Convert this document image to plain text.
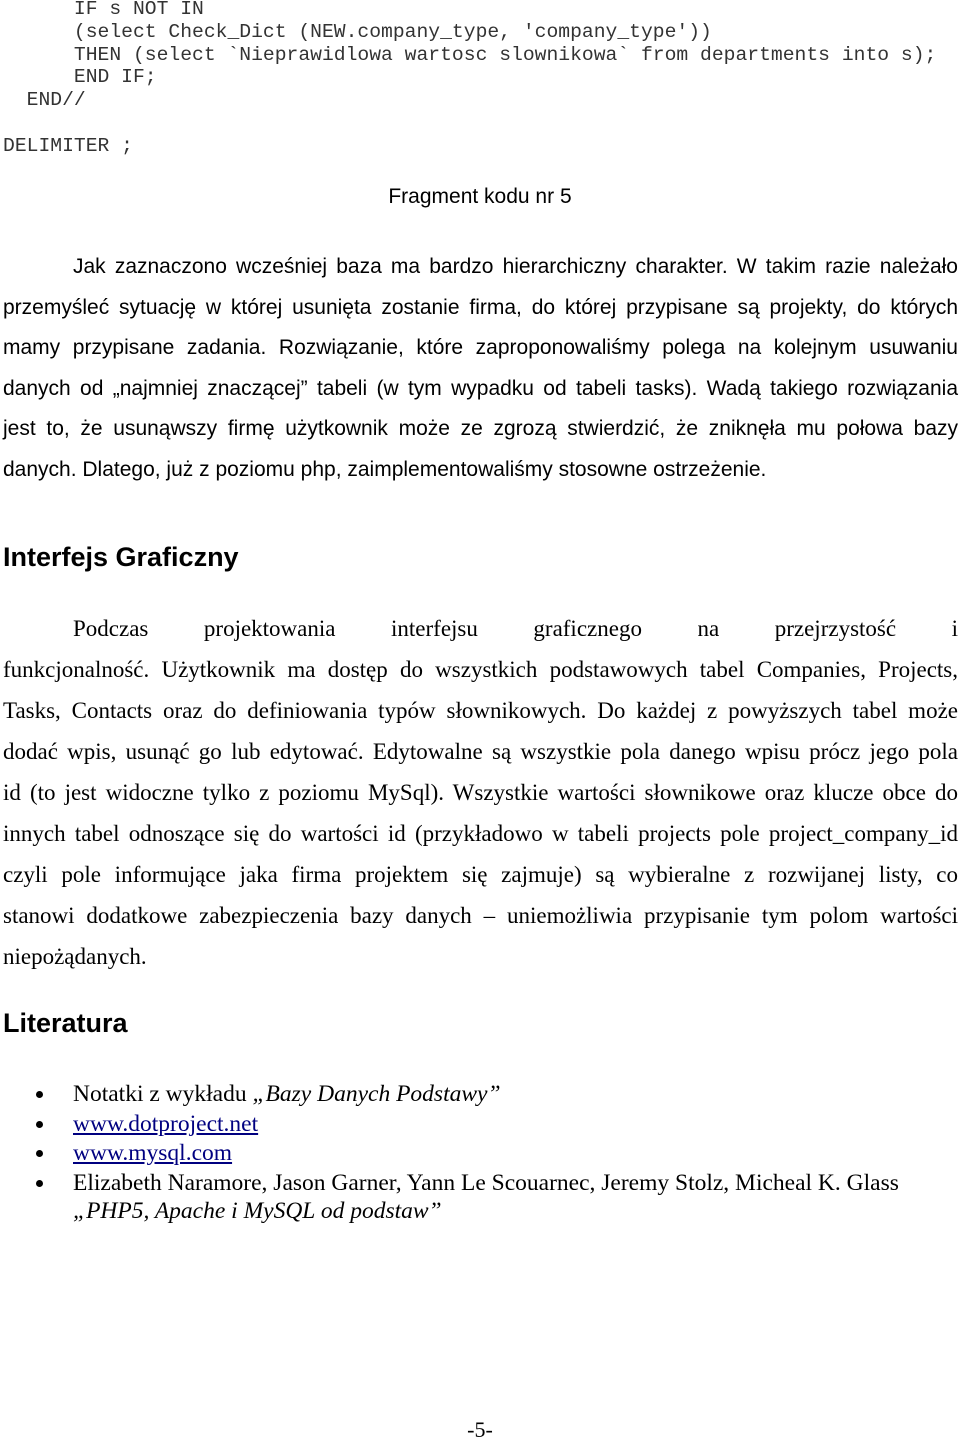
IF s NOT IN
(select Check_Dict (NEW.company_type, 'company_type'))
THEN (select `Nieprawidlowa wartosc slownikowa` from departments into s);
END IF;
END//
DELIMITER ;
Fragment kodu nr 5
Jak zaznaczono wcześniej baza ma bardzo hierarchiczny charakter. W takim razie należało
przemyśleć sytuację w której usunięta zostanie firma, do której przypisane są projekty, do których
mamy przypisane zadania. Rozwiązanie, które zaproponowaliśmy polega na kolejnym usuwaniu
danych od „najmniej znaczącej” tabeli (w tym wypadku od tabeli tasks). Wadą takiego rozwiązania
jest to, że usunąwszy firmę użytkownik może ze zgrozą stwierdzić, że zniknęła mu połowa bazy
danych. Dlatego, już z poziomu php, zaimplementowaliśmy stosowne ostrzeżenie.
Interfejs Graficzny
Podczas projektowania interfejsu graficznego na przejrzystość i
funkcjonalność. Użytkownik ma dostęp do wszystkich podstawowych tabel Companies, Projects,
Tasks, Contacts oraz do definiowania typów słownikowych. Do każdej z powyższych tabel może
dodać wpis, usunąć go lub edytować. Edytowalne są wszystkie pola danego wpisu prócz jego pola
id (to jest widoczne tylko z poziomu MySql). Wszystkie wartości słownikowe oraz klucze obce do
innych tabel odnoszące się do wartości id (przykładowo w tabeli projects pole project_company_id
czyli pole informujące jaka firma projektem się zajmuje) są wybieralne z rozwijanej listy, co
stanowi dodatkowe zabezpieczenia bazy danych – uniemożliwia przypisanie tym polom wartości
niepożądanych.
Literatura
Notatki z wykładu „Bazy Danych Podstawy”
www.dotproject.net
www.mysql.com
Elizabeth Naramore, Jason Garner, Yann Le Scouarnec, Jeremy Stolz, Micheal K. Glass
„PHP5, Apache i MySQL od podstaw”
-5-
